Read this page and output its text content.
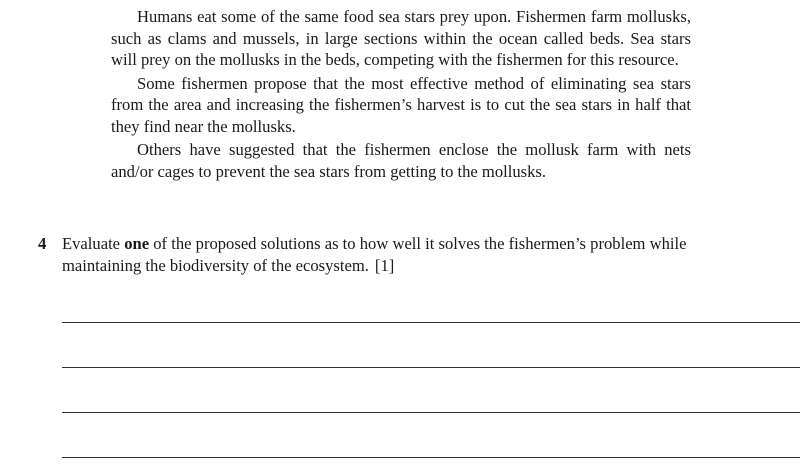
Humans eat some of the same food sea stars prey upon. Fishermen farm mollusks, such as clams and mussels, in large sections within the ocean called beds. Sea stars will prey on the mollusks in the beds, competing with the fishermen for this resource.

Some fishermen propose that the most effective method of eliminating sea stars from the area and increasing the fishermen’s harvest is to cut the sea stars in half that they find near the mollusks.

Others have suggested that the fishermen enclose the mollusk farm with nets and/or cages to prevent the sea stars from getting to the mollusks.

4 Evaluate one of the proposed solutions as to how well it solves the fishermen’s problem while maintaining the biodiversity of the ecosystem. [1]
